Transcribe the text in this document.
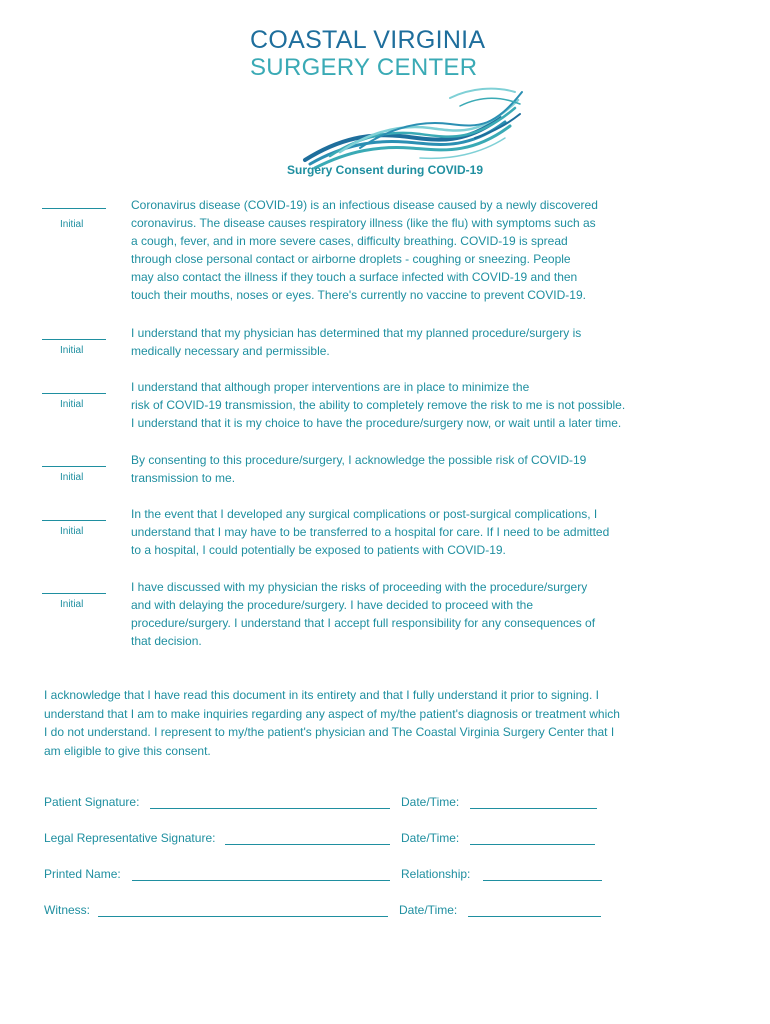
COASTAL VIRGINIA
SURGERY CENTER
Surgery Consent during COVID-19
Initial

Coronavirus disease (COVID-19) is an infectious disease caused by a newly discovered
coronavirus. The disease causes respiratory illness (like the flu) with symptoms such as
a cough, fever, and in more severe cases, difficulty breathing. COVID-19 is spread
through close personal contact or airborne droplets - coughing or sneezing. People
may also contact the illness if they touch a surface infected with COVID-19 and then
touch their mouths, noses or eyes. There's currently no vaccine to prevent COVID-19.

Initial

I understand that my physician has determined that my planned procedure/surgery is
medically necessary and permissible.

Initial

I understand that although proper interventions are in place to minimize the
risk of COVID-19 transmission, the ability to completely remove the risk to me is not possible.
I understand that it is my choice to have the procedure/surgery now, or wait until a later time.

Initial

By consenting to this procedure/surgery, I acknowledge the possible risk of COVID-19
transmission to me.

Initial

In the event that I developed any surgical complications or post-surgical complications, I
understand that I may have to be transferred to a hospital for care. If I need to be admitted
to a hospital, I could potentially be exposed to patients with COVID-19.

Initial

I have discussed with my physician the risks of proceeding with the procedure/surgery
and with delaying the procedure/surgery. I have decided to proceed with the
procedure/surgery. I understand that I accept full responsibility for any consequences of
that decision.

I acknowledge that I have read this document in its entirety and that I fully understand it prior to signing. I understand that I am to make inquiries regarding any aspect of my/the patient's diagnosis or treatment which I do not understand. I represent to my/the patient's physician and The Coastal Virginia Surgery Center that I am eligible to give this consent.

Patient Signature:	Date/Time:
Legal Representative Signature:	Date/Time:
Printed Name:	Relationship:
Witness:	Date/Time:
